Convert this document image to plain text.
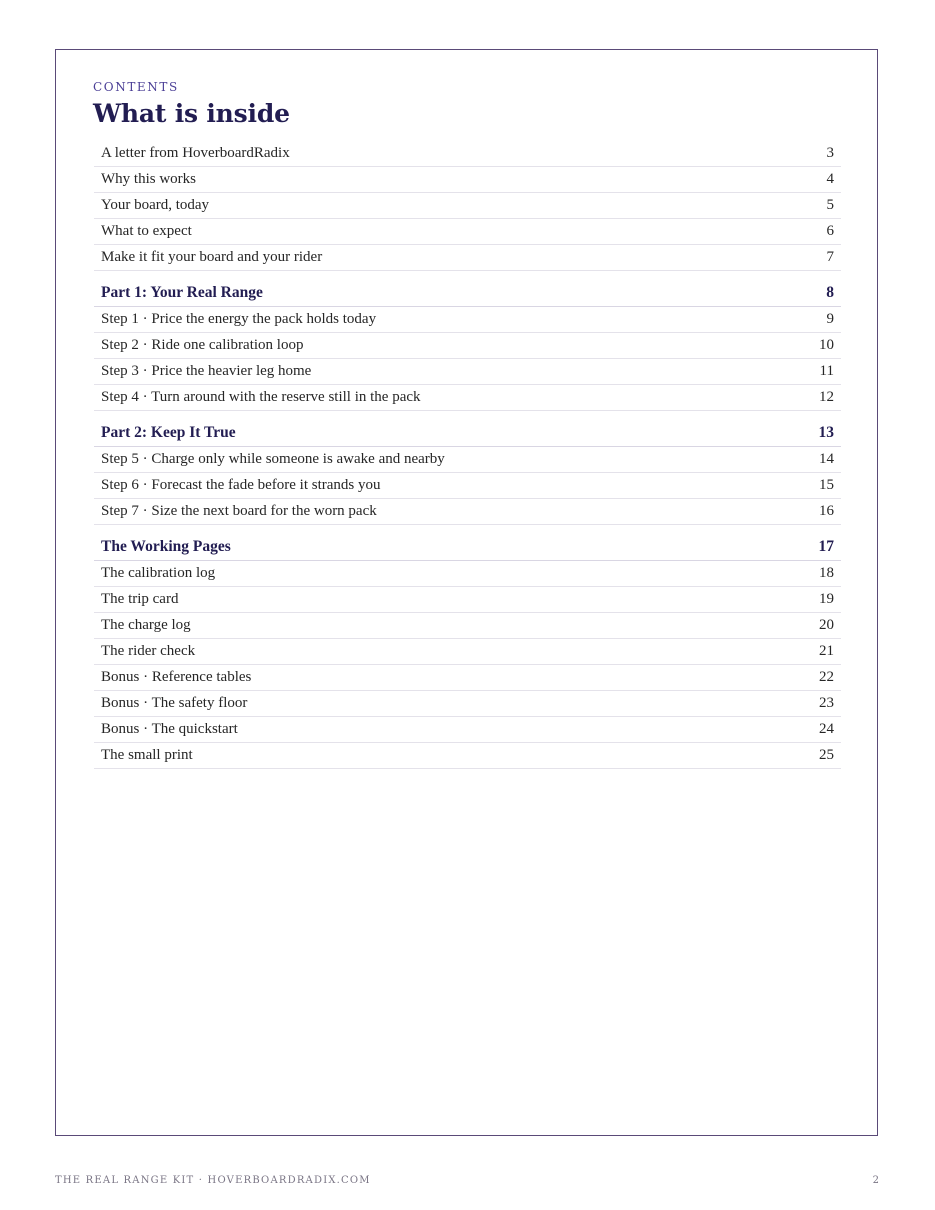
CONTENTS
What is inside
A letter from HoverboardRadix	3
Why this works	4
Your board, today	5
What to expect	6
Make it fit your board and your rider	7
Part 1: Your Real Range	8
Step 1 · Price the energy the pack holds today	9
Step 2 · Ride one calibration loop	10
Step 3 · Price the heavier leg home	11
Step 4 · Turn around with the reserve still in the pack	12
Part 2: Keep It True	13
Step 5 · Charge only while someone is awake and nearby	14
Step 6 · Forecast the fade before it strands you	15
Step 7 · Size the next board for the worn pack	16
The Working Pages	17
The calibration log	18
The trip card	19
The charge log	20
The rider check	21
Bonus · Reference tables	22
Bonus · The safety floor	23
Bonus · The quickstart	24
The small print	25
THE REAL RANGE KIT · HOVERBOARDRADIX.COM	2
